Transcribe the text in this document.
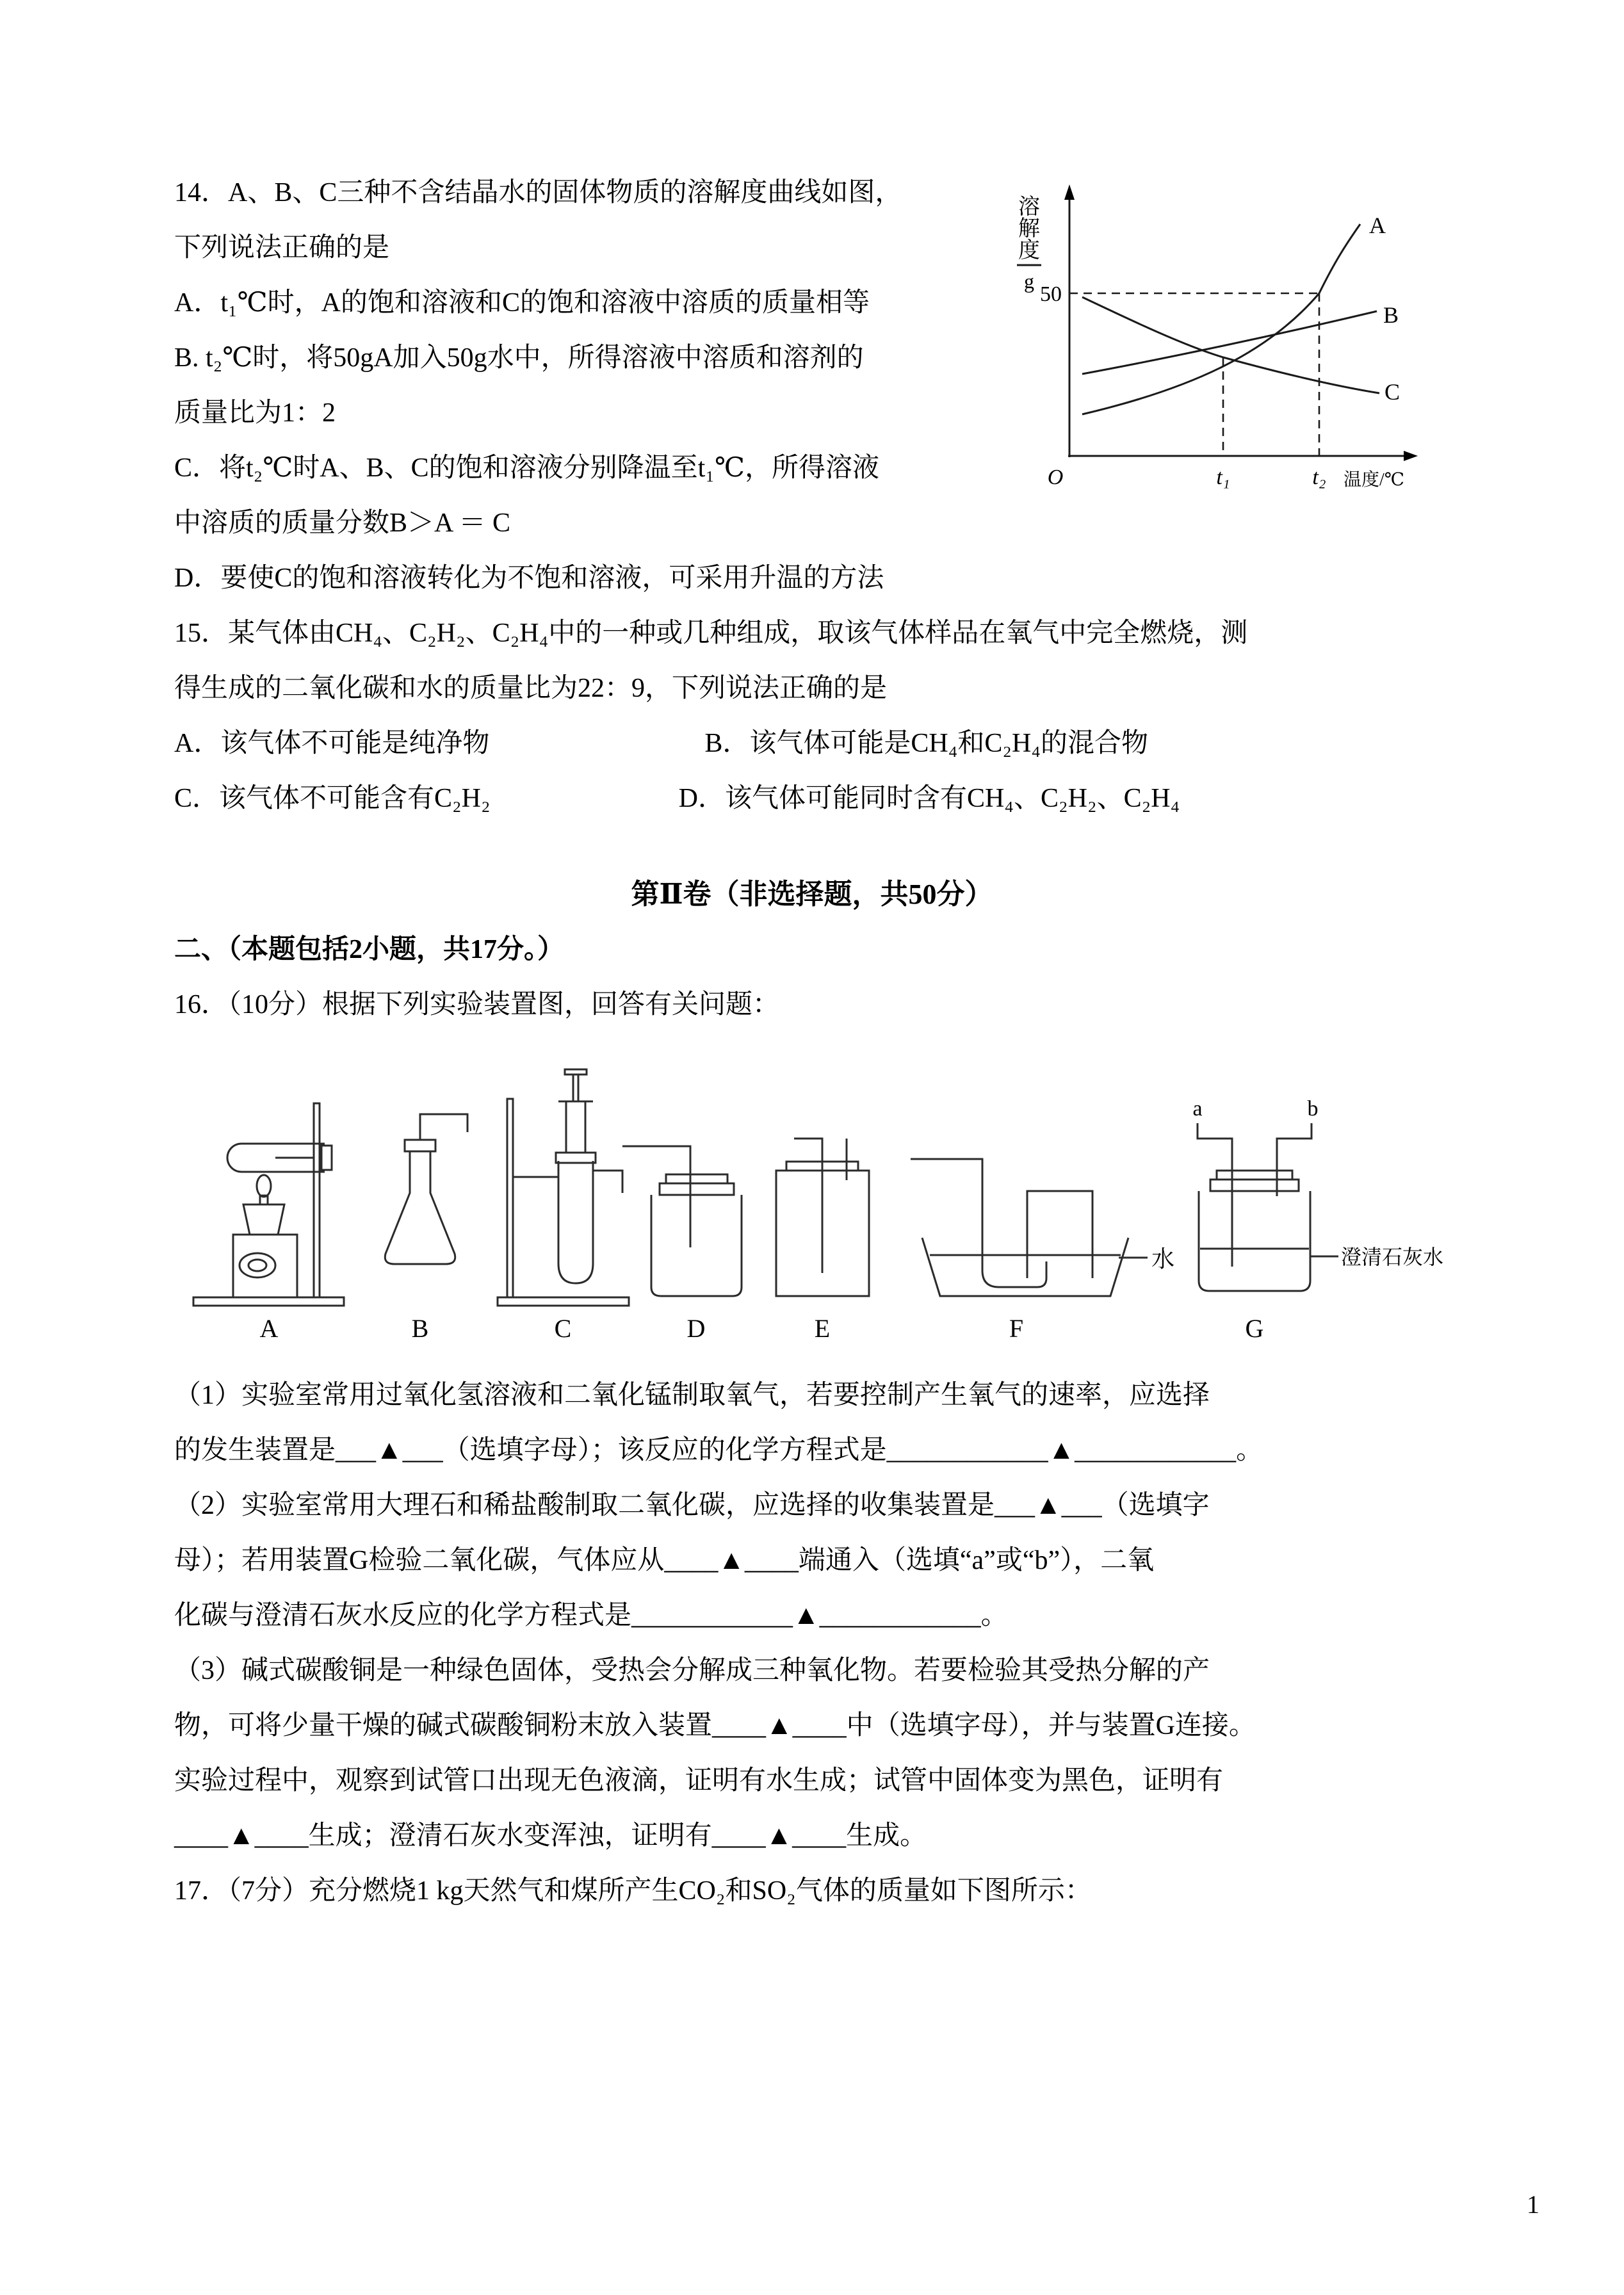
溶
解
度
g
50
A
B
C
O	t₁	t₂ 温度/℃
14．A、B、C三种不含结晶水的固体物质的溶解度曲线如图，
下列说法正确的是
A．t₁℃时，A的饱和溶液和C的饱和溶液中溶质的质量相等
B. t₂℃时，将50gA加入50g水中，所得溶液中溶质和溶剂的
质量比为1：2
C．将t₂℃时A、B、C的饱和溶液分别降温至t₁℃，所得溶液
中溶质的质量分数B＞A ＝ C
D．要使C的饱和溶液转化为不饱和溶液，可采用升温的方法
15．某气体由CH₄、C₂H₂、C₂H₄中的一种或几种组成，取该气体样品在氧气中完全燃烧，测
得生成的二氧化碳和水的质量比为22：9，下列说法正确的是
A．该气体不可能是纯净物　　　　　　　　B．该气体可能是CH₄和C₂H₄的混合物
C．该气体不可能含有C₂H₂　　　　　　　D．该气体可能同时含有CH₄、C₂H₂、C₂H₄
第Ⅱ卷（非选择题，共50分）
二、（本题包括2小题，共17分。）
16．（10分）根据下列实验装置图，回答有关问题：
水
a	b
澄清石灰水
A	B	C	D	E	F	G
（1）实验室常用过氧化氢溶液和二氧化锰制取氧气，若要控制产生氧气的速率，应选择
的发生装置是___▲___（选填字母）；该反应的化学方程式是____________▲____________。
（2）实验室常用大理石和稀盐酸制取二氧化碳，应选择的收集装置是___▲___（选填字
母）；若用装置G检验二氧化碳，气体应从____▲____端通入（选填“a”或“b”），二氧
化碳与澄清石灰水反应的化学方程式是____________▲____________。
（3）碱式碳酸铜是一种绿色固体，受热会分解成三种氧化物。若要检验其受热分解的产
物，可将少量干燥的碱式碳酸铜粉末放入装置____▲____中（选填字母），并与装置G连接。
实验过程中，观察到试管口出现无色液滴，证明有水生成；试管中固体变为黑色，证明有
____▲____生成；澄清石灰水变浑浊，证明有____▲____生成。
17．（7分）充分燃烧1 kg天然气和煤所产生CO₂和SO₂气体的质量如下图所示：
1
